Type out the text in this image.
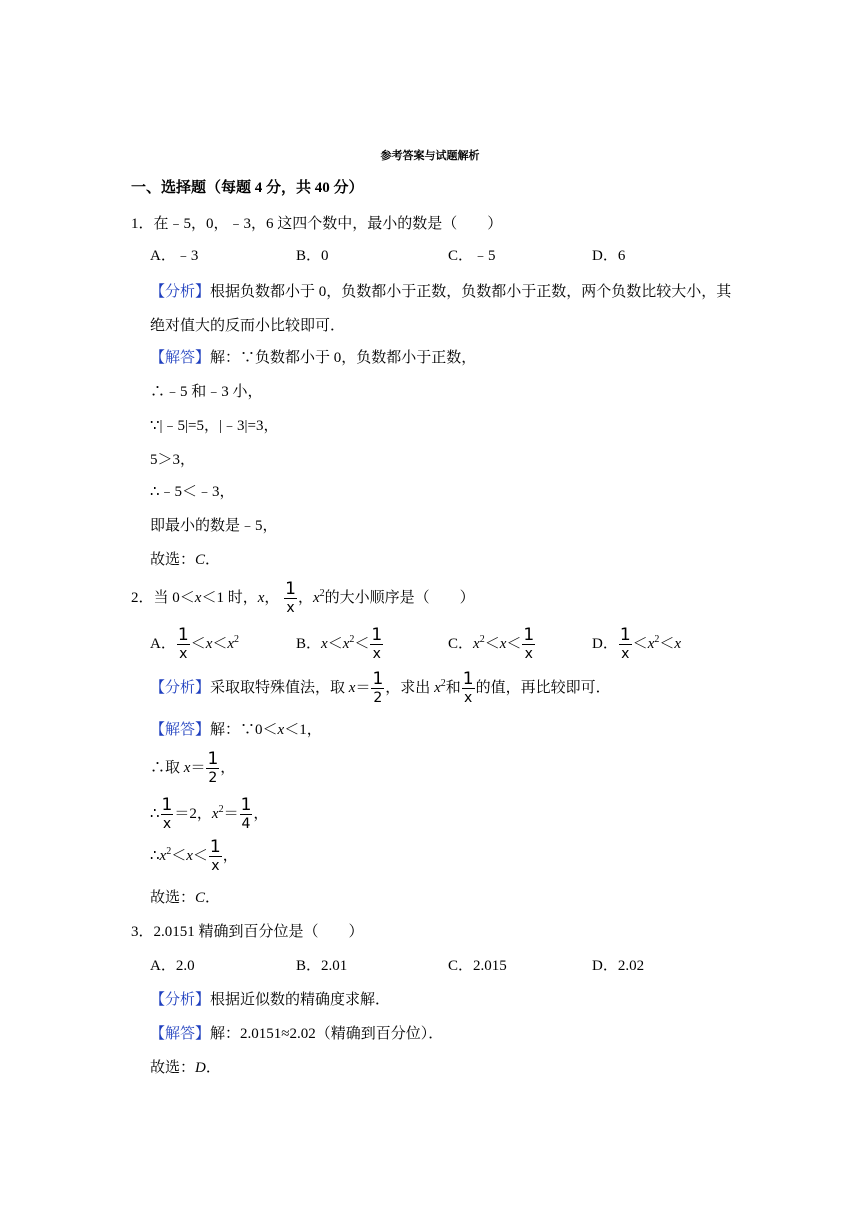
参考答案与试题解析
一、选择题（每题 4 分，共 40 分）
1．在﹣5，0，﹣3，6 这四个数中，最小的数是（　　）
A．﹣3	B．0	C．﹣5	D．6
【分析】根据负数都小于 0，负数都小于正数，负数都小于正数，两个负数比较大小，其
绝对值大的反而小比较即可．
【解答】解：∵负数都小于 0，负数都小于正数，
∴﹣5 和﹣3 小，
∵|﹣5|=5，|﹣3|=3，
5＞3，
∴﹣5＜﹣3，
即最小的数是﹣5，
故选：C．
2．当 0＜x＜1 时，x， $\frac{1}{x}$ ，$x^2$的大小顺序是（　　）
A． $\frac{1}{x} <x<x^2$	B．$x<x^2< \frac{1}{x}$	C．$x^2<x< \frac{1}{x}$	D． $\frac{1}{x} <x^2<x$
【分析】采取取特殊值法，取 $x= \frac{1}{2}$ ，求出 $x^2$和 $\frac{1}{x}$ 的值，再比较即可．
【解答】解：∵0＜x＜1，
∴取 $x= \frac{1}{2}$ ，
∴ $\frac{1}{x} =2$，$x^2= \frac{1}{4}$ ，
$\therefore x^2<x< \frac{1}{x}$ ，
故选：C．
3．2.0151 精确到百分位是（　　）
A．2.0	B．2.01	C．2.015	D．2.02
【分析】根据近似数的精确度求解．
【解答】解：2.0151≈2.02（精确到百分位）．
故选：D．
